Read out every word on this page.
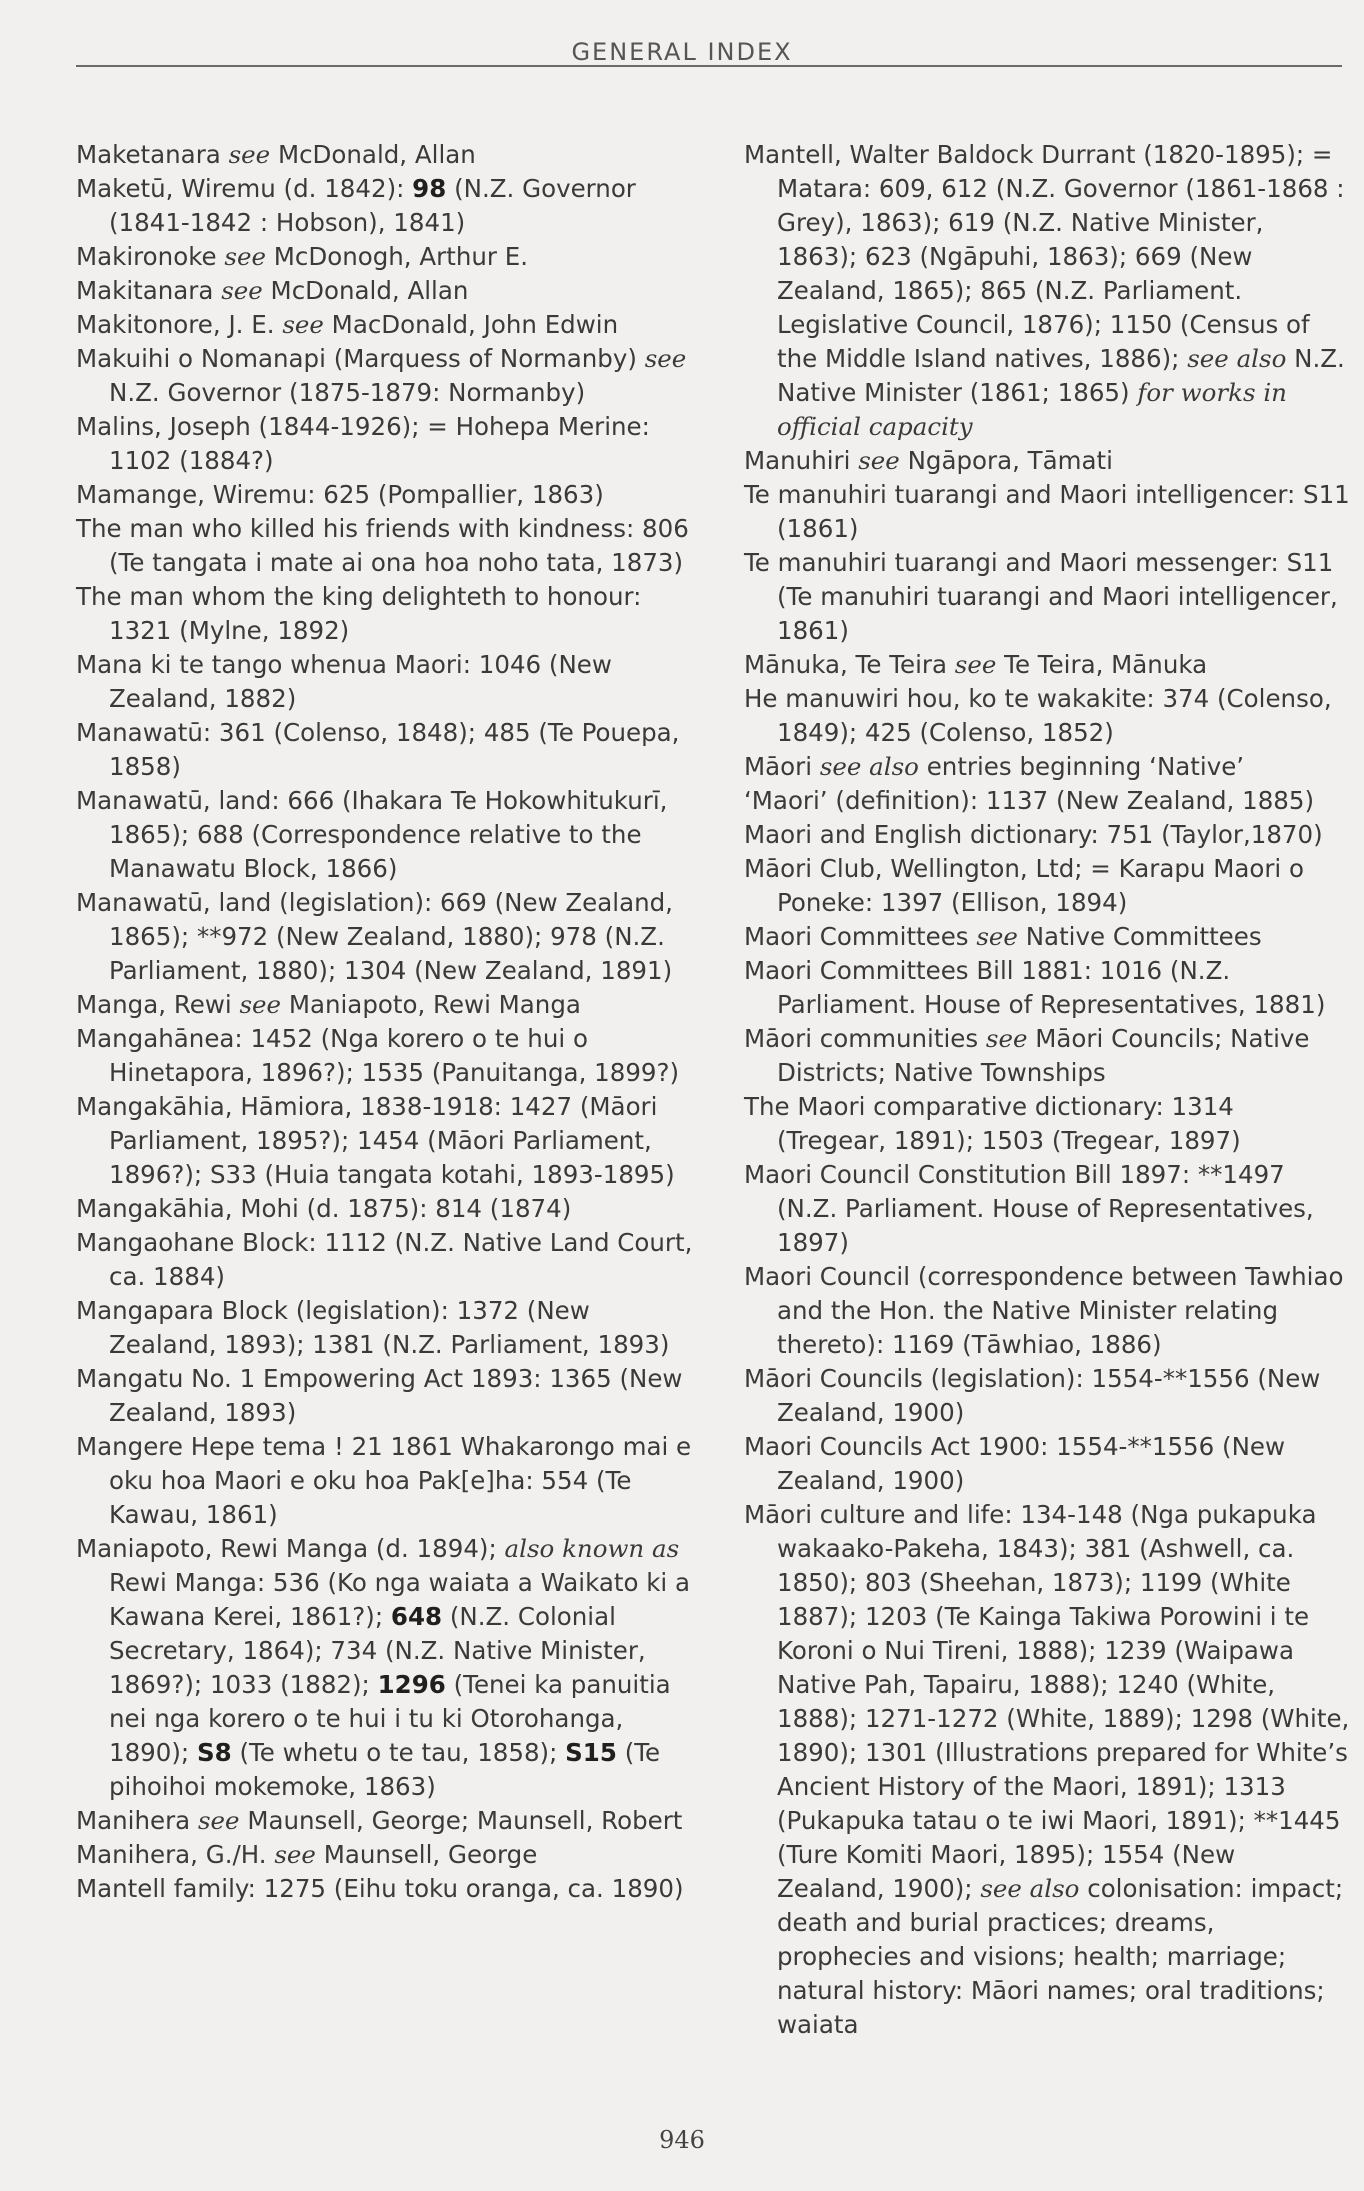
GENERAL INDEX

Maketanara see McDonald, Allan

Maketū, Wiremu (d. 1842): 98 (N.Z. Governor (1841-1842 : Hobson), 1841)

Makironoke see McDonogh, Arthur E.

Makitanara see McDonald, Allan

Makitonore, J. E. see MacDonald, John Edwin

Makuihi o Nomanapi (Marquess of Normanby) see N.Z. Governor (1875-1879: Normanby)

Malins, Joseph (1844-1926); = Hohepa Merine: 1102 (1884?)

Mamange, Wiremu: 625 (Pompallier, 1863)

The man who killed his friends with kindness: 806 (Te tangata i mate ai ona hoa noho tata, 1873)

The man whom the king delighteth to honour: 1321 (Mylne, 1892)

Mana ki te tango whenua Maori: 1046 (New Zealand, 1882)

Manawatū: 361 (Colenso, 1848); 485 (Te Pouepa, 1858)

Manawatū, land: 666 (Ihakara Te Hokowhitukurī, 1865); 688 (Correspondence relative to the Manawatu Block, 1866)

Manawatū, land (legislation): 669 (New Zealand, 1865); **972 (New Zealand, 1880); 978 (N.Z. Parliament, 1880); 1304 (New Zealand, 1891)

Manga, Rewi see Maniapoto, Rewi Manga

Mangahānea: 1452 (Nga korero o te hui o Hinetapora, 1896?); 1535 (Panuitanga, 1899?)

Mangakāhia, Hāmiora, 1838-1918: 1427 (Māori Parliament, 1895?); 1454 (Māori Parliament, 1896?); S33 (Huia tangata kotahi, 1893-1895)

Mangakāhia, Mohi (d. 1875): 814 (1874)

Mangaohane Block: 1112 (N.Z. Native Land Court, ca. 1884)

Mangapara Block (legislation): 1372 (New Zealand, 1893); 1381 (N.Z. Parliament, 1893)

Mangatu No. 1 Empowering Act 1893: 1365 (New Zealand, 1893)

Mangere Hepe tema ! 21 1861 Whakarongo mai e oku hoa Maori e oku hoa Pak[e]ha: 554 (Te Kawau, 1861)

Maniapoto, Rewi Manga (d. 1894); also known as Rewi Manga: 536 (Ko nga waiata a Waikato ki a Kawana Kerei, 1861?); 648 (N.Z. Colonial Secretary, 1864); 734 (N.Z. Native Minister, 1869?); 1033 (1882); 1296 (Tenei ka panuitia nei nga korero o te hui i tu ki Otorohanga, 1890); S8 (Te whetu o te tau, 1858); S15 (Te pihoihoi mokemoke, 1863)

Manihera see Maunsell, George; Maunsell, Robert

Manihera, G./H. see Maunsell, George

Mantell family: 1275 (Eihu toku oranga, ca. 1890)

Mantell, Walter Baldock Durrant (1820-1895); = Matara: 609, 612 (N.Z. Governor (1861-1868 : Grey), 1863); 619 (N.Z. Native Minister, 1863); 623 (Ngāpuhi, 1863); 669 (New Zealand, 1865); 865 (N.Z. Parliament. Legislative Council, 1876); 1150 (Census of the Middle Island natives, 1886); see also N.Z. Native Minister (1861; 1865) for works in official capacity

Manuhiri see Ngāpora, Tāmati

Te manuhiri tuarangi and Maori intelligencer: S11 (1861)

Te manuhiri tuarangi and Maori messenger: S11 (Te manuhiri tuarangi and Maori intelligencer, 1861)

Mānuka, Te Teira see Te Teira, Mānuka

He manuwiri hou, ko te wakakite: 374 (Colenso, 1849); 425 (Colenso, 1852)

Māori see also entries beginning ‘Native’

‘Maori’ (definition): 1137 (New Zealand, 1885)

Maori and English dictionary: 751 (Taylor,1870)

Māori Club, Wellington, Ltd; = Karapu Maori o Poneke: 1397 (Ellison, 1894)

Maori Committees see Native Committees

Maori Committees Bill 1881: 1016 (N.Z. Parliament. House of Representatives, 1881)

Māori communities see Māori Councils; Native Districts; Native Townships

The Maori comparative dictionary: 1314 (Tregear, 1891); 1503 (Tregear, 1897)

Maori Council Constitution Bill 1897: **1497 (N.Z. Parliament. House of Representatives, 1897)

Maori Council (correspondence between Tawhiao and the Hon. the Native Minister relating thereto): 1169 (Tāwhiao, 1886)

Māori Councils (legislation): 1554-**1556 (New Zealand, 1900)

Maori Councils Act 1900: 1554-**1556 (New Zealand, 1900)

Māori culture and life: 134-148 (Nga pukapuka wakaako-Pakeha, 1843); 381 (Ashwell, ca. 1850); 803 (Sheehan, 1873); 1199 (White 1887); 1203 (Te Kainga Takiwa Porowini i te Koroni o Nui Tireni, 1888); 1239 (Waipawa Native Pah, Tapairu, 1888); 1240 (White, 1888); 1271-1272 (White, 1889); 1298 (White, 1890); 1301 (Illustrations prepared for White’s Ancient History of the Maori, 1891); 1313 (Pukapuka tatau o te iwi Maori, 1891); **1445 (Ture Komiti Maori, 1895); 1554 (New Zealand, 1900); see also colonisation: impact; death and burial practices; dreams, prophecies and visions; health; marriage; natural history: Māori names; oral traditions; waiata

946
